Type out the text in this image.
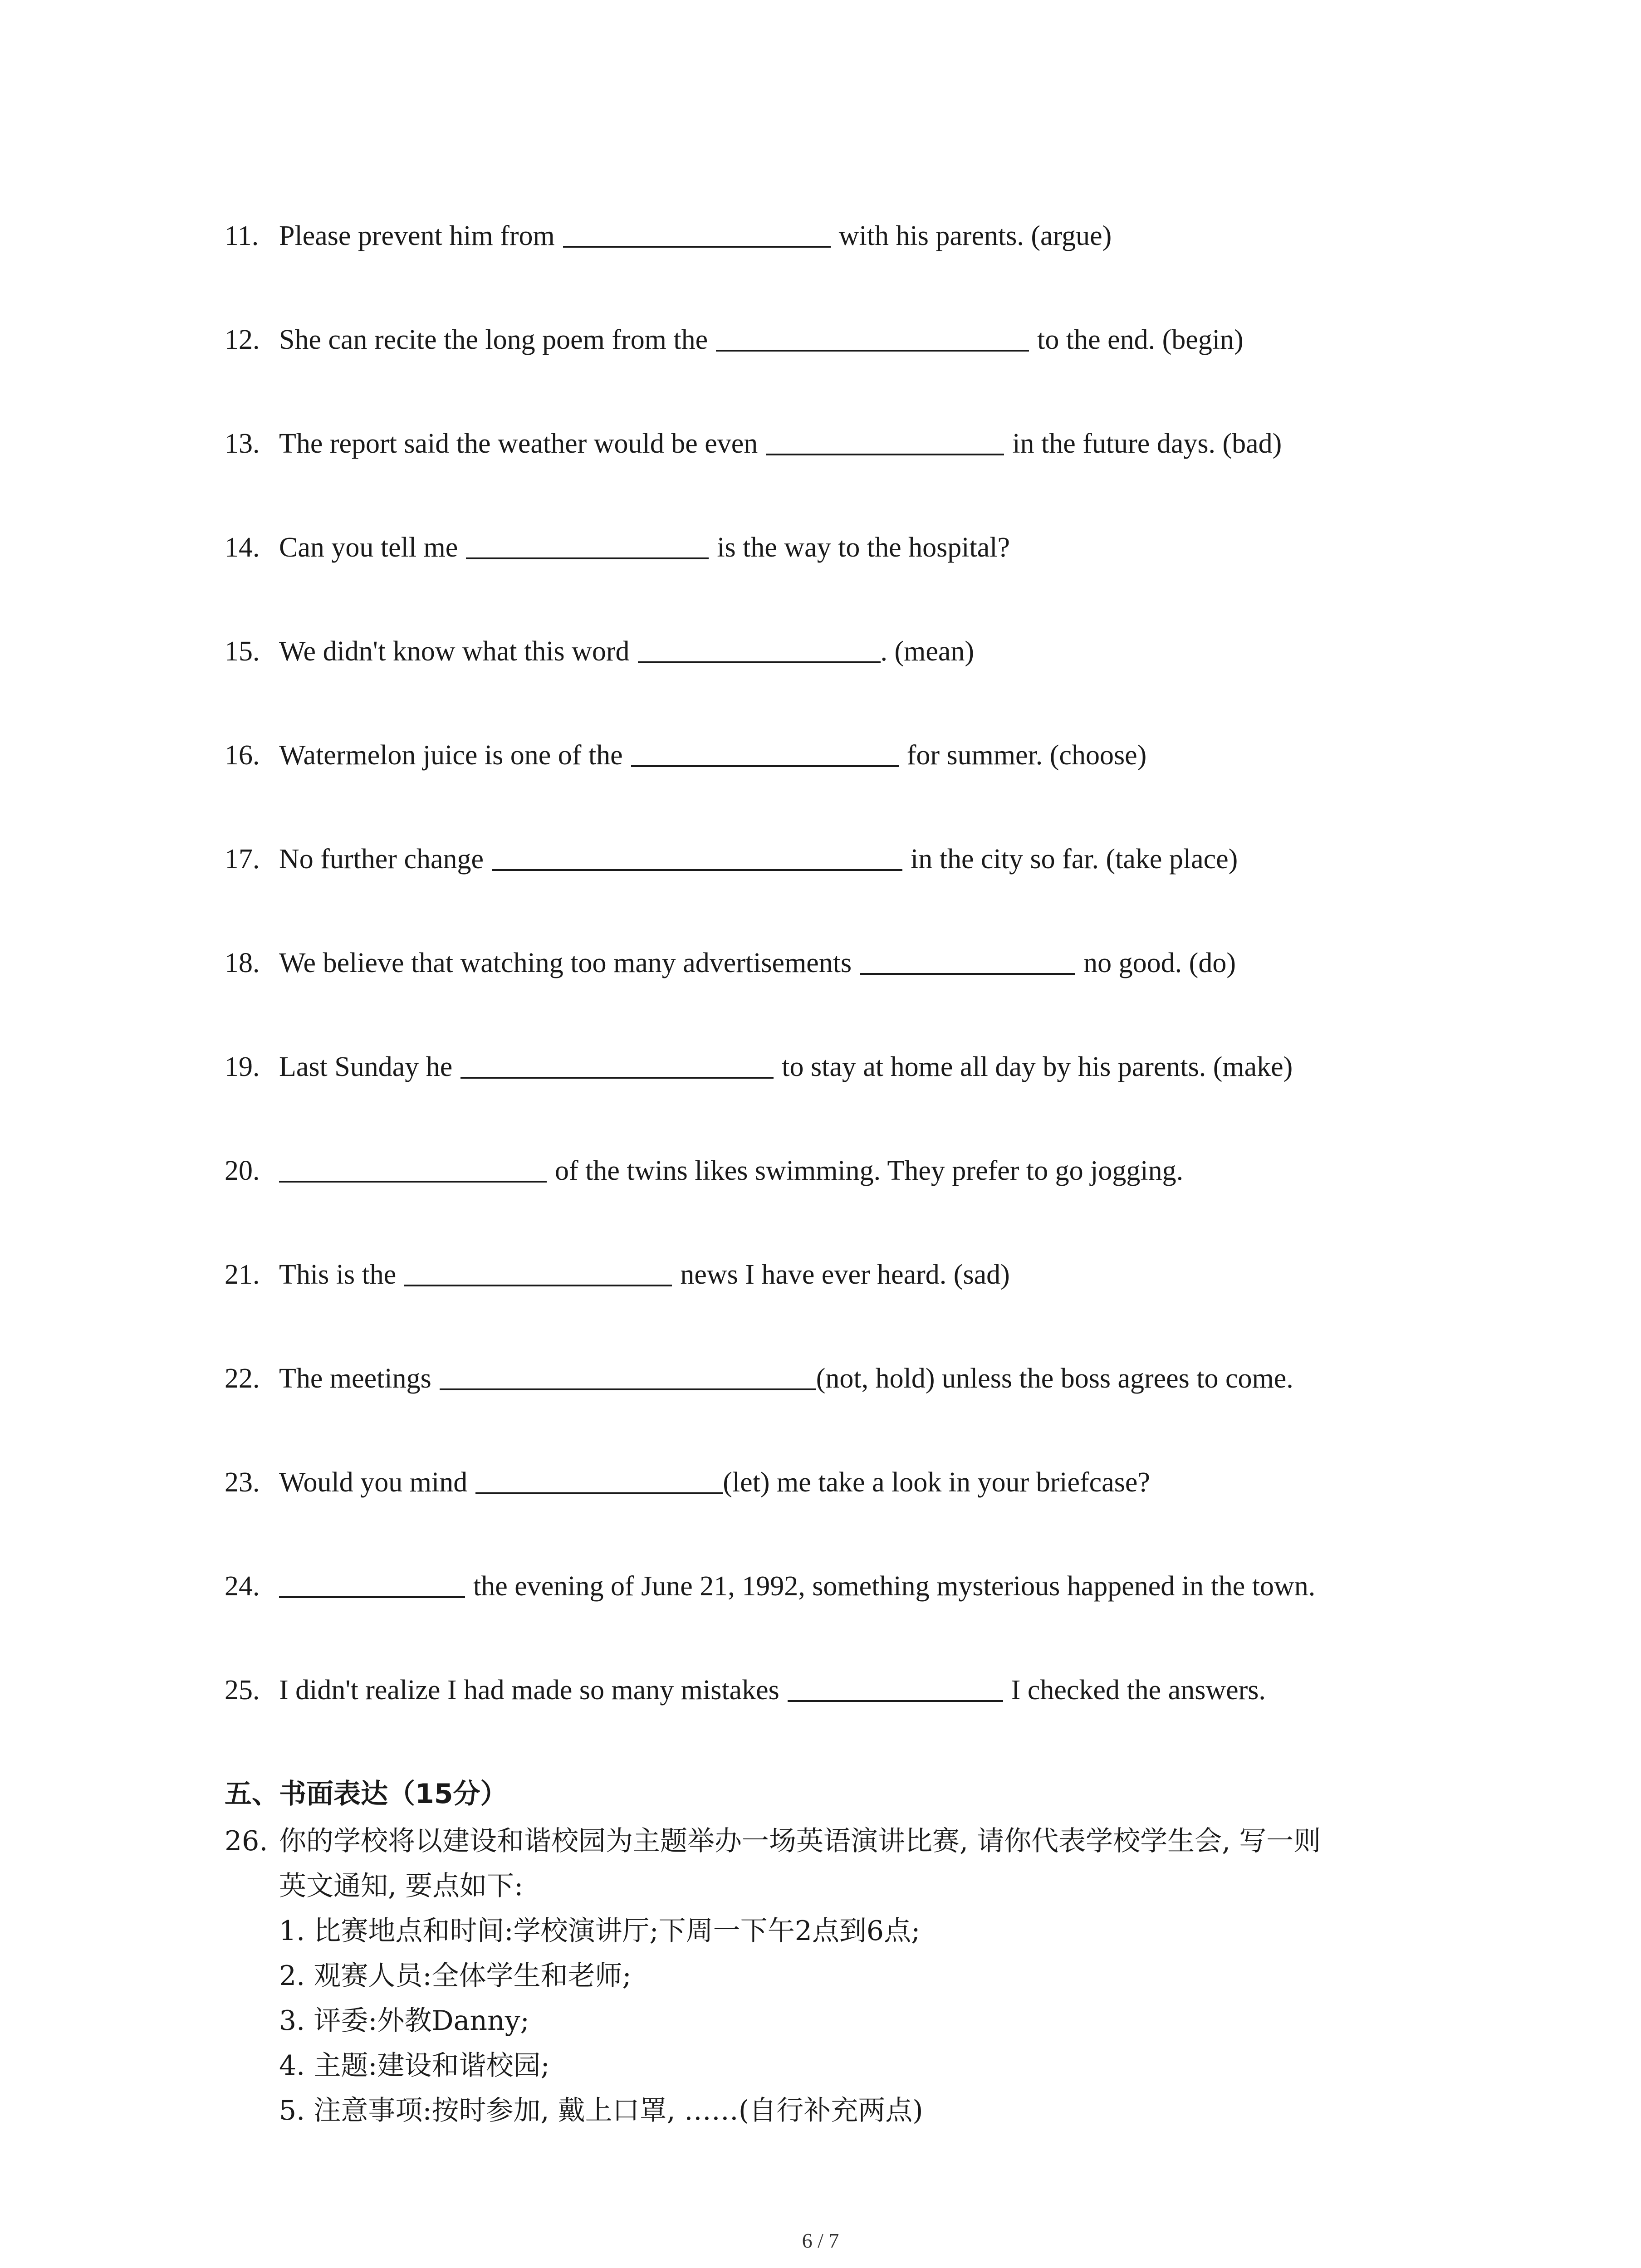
11. Please prevent him from	with his parents. (argue)
12. She can recite the long poem from the	to the end. (begin)
13. The report said the weather would be even	in the future days. (bad)
14. Can you tell me	is the way to the hospital?
15. We didn't know what this word	. (mean)
16. Watermelon juice is one of the	for summer. (choose)
17. No further change	in the city so far. (take place)
18. We believe that watching too many advertisements	no good. (do)
19. Last Sunday he	to stay at home all day by his parents. (make)
20.	of the twins likes swimming. They prefer to go jogging.
21. This is the	news I have ever heard. (sad)
22. The meetings	(not, hold) unless the boss agrees to come.
23. Would you mind	(let) me take a look in your briefcase?
24.	the evening of June 21, 1992, something mysterious happened in the town.
25. I didn't realize I had made so many mistakes	I checked the answers.
五、书面表达（15分）
26. 你的学校将以建设和谐校园为主题举办一场英语演讲比赛, 请你代表学校学生会, 写一则
英文通知, 要点如下:
1. 比赛地点和时间:学校演讲厅;下周一下午2点到6点;
2. 观赛人员:全体学生和老师;
3. 评委:外教Danny;
4. 主题:建设和谐校园;
5. 注意事项:按时参加, 戴上口罩, ……(自行补充两点)
6 / 7
